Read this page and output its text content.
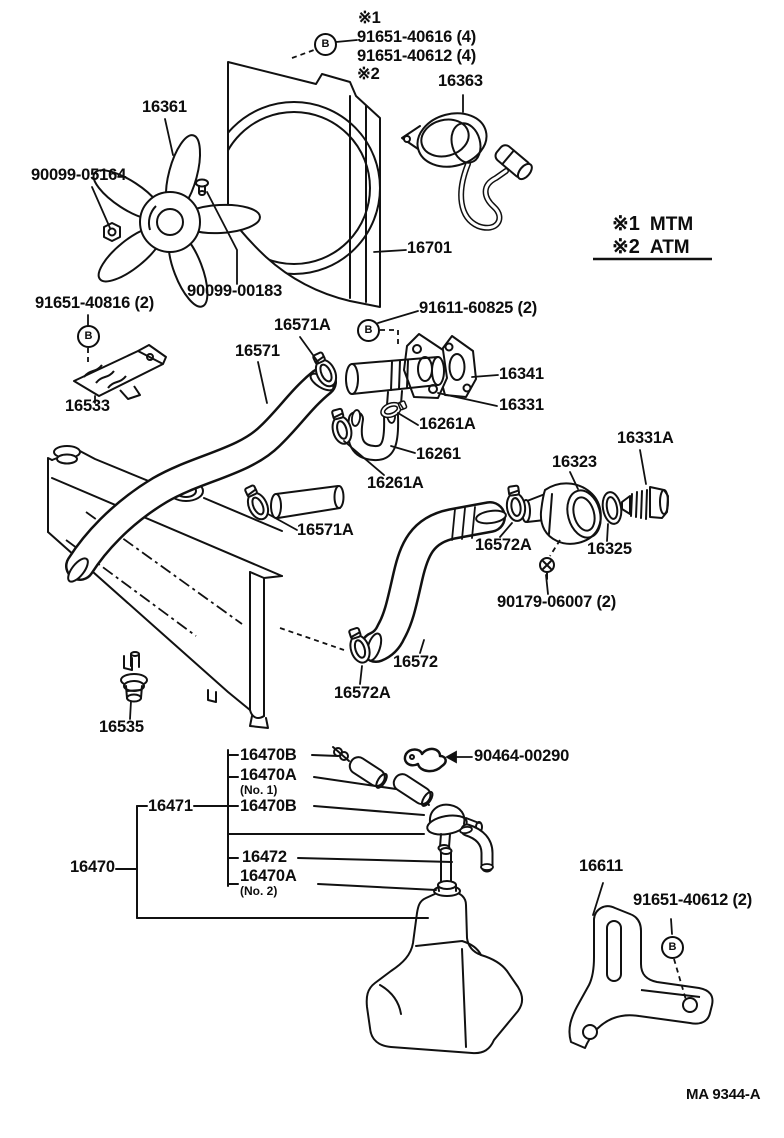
※1
91651-40616 (4)
91651-40612 (4)
※2	16363
16361
90099-05164
90099-00183
91651-40816 (2)
16533
16701
91611-60825 (2)
16571A
16571
16341
16331
16261A
16261
16261A
16331A
16323
16572A	16325
90179-06007 (2)
16571A
16572
16572A
16535
16470B
16470A
(No. 1)
16471	16470B
16472
16470A
(No. 2)
16470
90464-00290
16611
91651-40612 (2)
MA 9344-A
B
B
B
B
※1 MTM
※2 ATM
